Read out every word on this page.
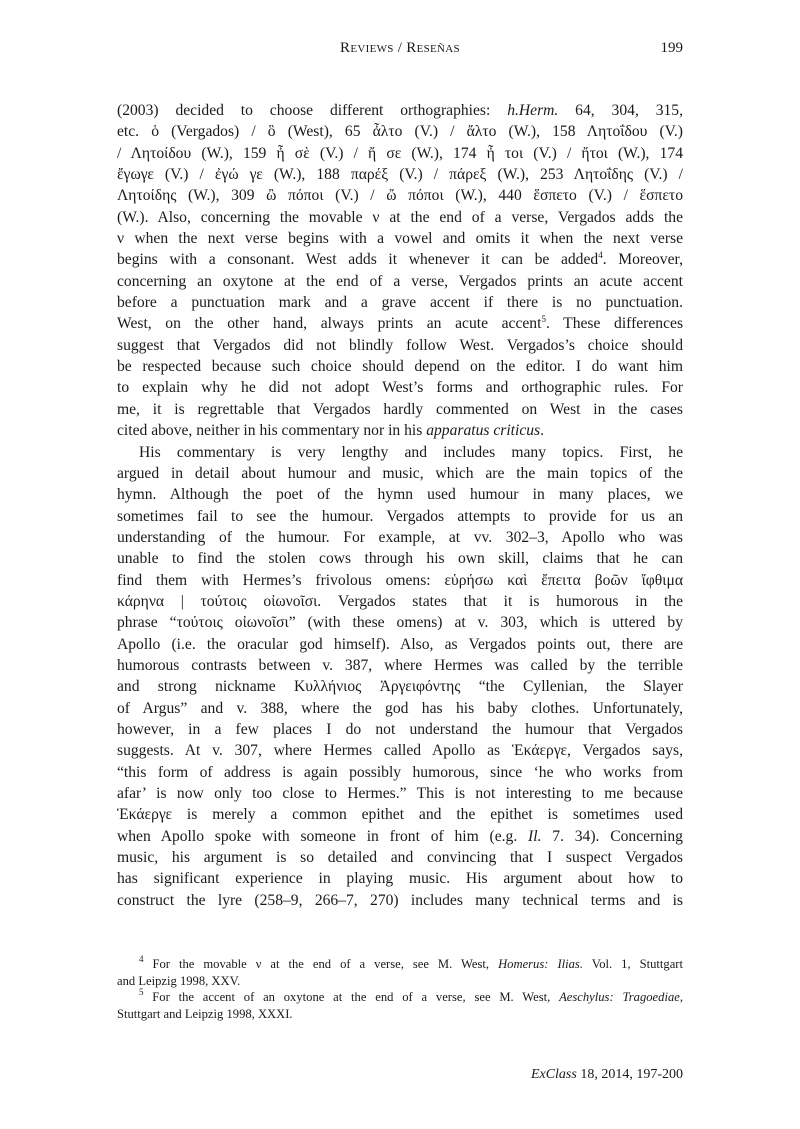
Reviews / Reseñas	199
(2003) decided to choose different orthographies: h.Herm. 64, 304, 315,
etc. ὁ (Vergados) / ὃ (West), 65 ἆλτο (V.) / ἄλτο (W.), 158 Λητοΐδου (V.)
/ Λητοίδου (W.), 159 ἦ σὲ (V.) / ἤ σε (W.), 174 ἦ τοι (V.) / ἤτοι (W.), 174
ἔγωγε (V.) / ἐγώ γε (W.), 188 παρέξ (V.) / πάρεξ (W.), 253 Λητοΐδης (V.) /
Λητοίδης (W.), 309 ὢ πόποι (V.) / ὤ πόποι (W.), 440 ἕσπετο (V.) / ἕσπετο
(W.). Also, concerning the movable ν at the end of a verse, Vergados adds the
ν when the next verse begins with a vowel and omits it when the next verse
begins with a consonant. West adds it whenever it can be added$^4$. Moreover,
concerning an oxytone at the end of a verse, Vergados prints an acute accent
before a punctuation mark and a grave accent if there is no punctuation.
West, on the other hand, always prints an acute accent$^5$. These differences
suggest that Vergados did not blindly follow West. Vergados’s choice should
be respected because such choice should depend on the editor. I do want him
to explain why he did not adopt West’s forms and orthographic rules. For
me, it is regrettable that Vergados hardly commented on West in the cases
cited above, neither in his commentary nor in his apparatus criticus.
His commentary is very lengthy and includes many topics. First, he
argued in detail about humour and music, which are the main topics of the
hymn. Although the poet of the hymn used humour in many places, we
sometimes fail to see the humour. Vergados attempts to provide for us an
understanding of the humour. For example, at vv. 302–3, Apollo who was
unable to find the stolen cows through his own skill, claims that he can
find them with Hermes’s frivolous omens: εὑρήσω καὶ ἔπειτα βοῶν ἴφθιμα
κάρηνα | τούτοις οἰωνοῖσι. Vergados states that it is humorous in the
phrase “τούτοις οἰωνοῖσι” (with these omens) at v. 303, which is uttered by
Apollo (i.e. the oracular god himself). Also, as Vergados points out, there are
humorous contrasts between v. 387, where Hermes was called by the terrible
and strong nickname Κυλλήνιος Ἀργειφόντης “the Cyllenian, the Slayer
of Argus” and v. 388, where the god has his baby clothes. Unfortunately,
however, in a few places I do not understand the humour that Vergados
suggests. At v. 307, where Hermes called Apollo as Ἑκάεργε, Vergados says,
“this form of address is again possibly humorous, since ‘he who works from
afar’ is now only too close to Hermes.” This is not interesting to me because
Ἑκάεργε is merely a common epithet and the epithet is sometimes used
when Apollo spoke with someone in front of him (e.g. Il. 7. 34). Concerning
music, his argument is so detailed and convincing that I suspect Vergados
has significant experience in playing music. His argument about how to
construct the lyre (258–9, 266–7, 270) includes many technical terms and is
$^4$ For the movable ν at the end of a verse, see M. West, Homerus: Ilias. Vol. 1, Stuttgart
and Leipzig 1998, XXV.
$^5$ For the accent of an oxytone at the end of a verse, see M. West, Aeschylus: Tragoediae,
Stuttgart and Leipzig 1998, XXXI.
ExClass 18, 2014, 197-200
